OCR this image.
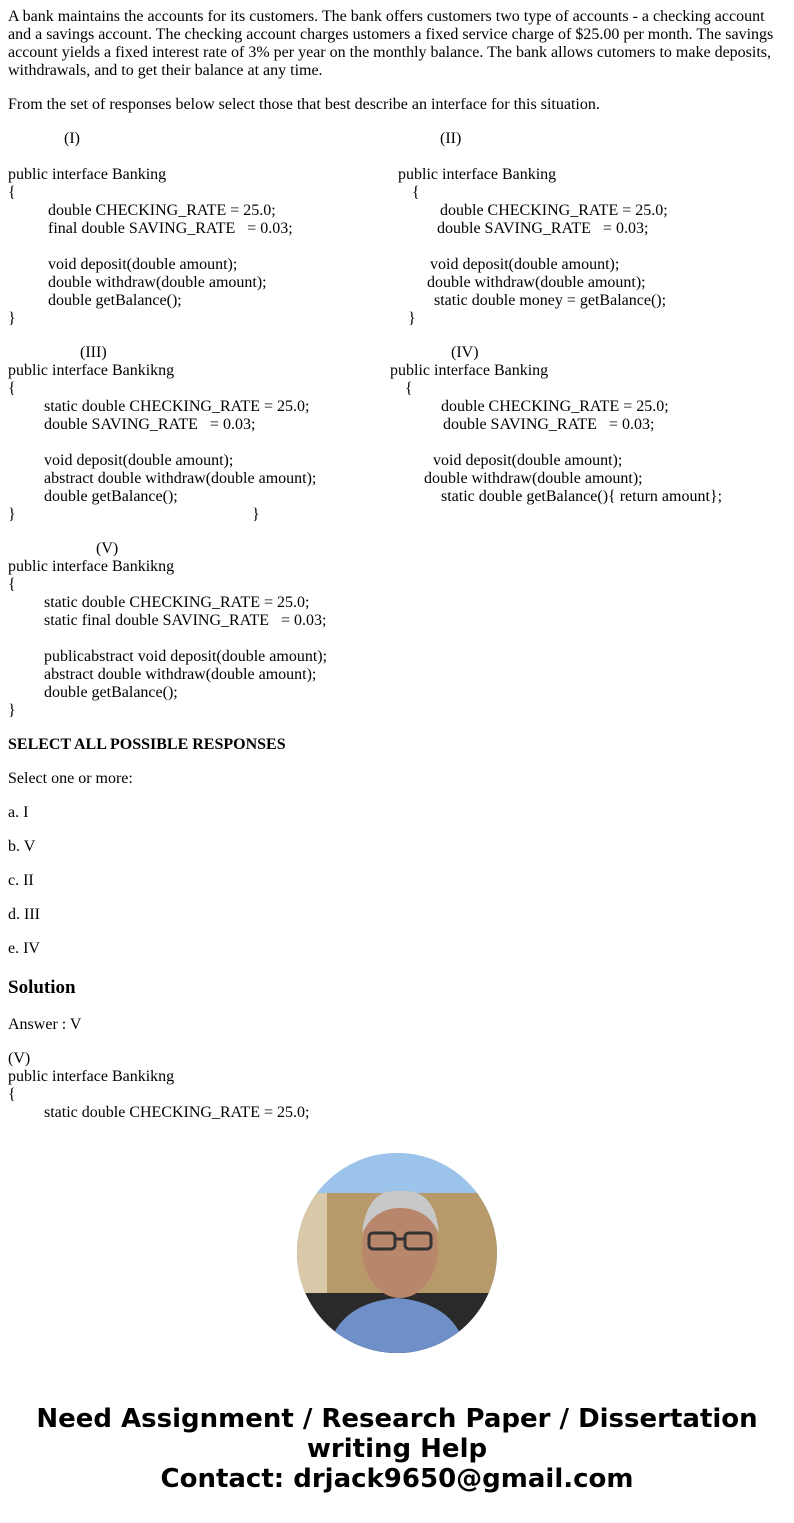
A bank maintains the accounts for its customers. The bank offers customers two type of accounts - a checking account
and a savings account. The checking account charges ustomers a fixed service charge of $25.00 per month. The savings
account yields a fixed interest rate of 3% per year on the monthly balance. The bank allows cutomers to make deposits,
withdrawals, and to get their balance at any time.
From the set of responses below select those that best describe an interface for this situation.
(I)
public interface Banking
{
double CHECKING_RATE = 25.0;
final double SAVING_RATE   = 0.03;
void deposit(double amount);
double withdraw(double amount);
double getBalance();
}
(II)
public interface Banking
{
double CHECKING_RATE = 25.0;
double SAVING_RATE   = 0.03;
void deposit(double amount);
double withdraw(double amount);
static double money = getBalance();
}
(III)
public interface Bankikng
{
static double CHECKING_RATE = 25.0;
double SAVING_RATE   = 0.03;
void deposit(double amount);
abstract double withdraw(double amount);
double getBalance();
}	}
(IV)
public interface Banking
{
double CHECKING_RATE = 25.0;
double SAVING_RATE   = 0.03;
void deposit(double amount);
double withdraw(double amount);
static double getBalance(){ return amount};
(V)
public interface Bankikng
{
static double CHECKING_RATE = 25.0;
static final double SAVING_RATE   = 0.03;
publicabstract void deposit(double amount);
abstract double withdraw(double amount);
double getBalance();
}
SELECT ALL POSSIBLE RESPONSES
Select one or more:
a. I
b. V
c. II
d. III
e. IV
Solution
Answer : V
(V)
public interface Bankikng
{
static double CHECKING_RATE = 25.0;
Need Assignment / Research Paper / Dissertation
writing Help
Contact: drjack9650@gmail.com
